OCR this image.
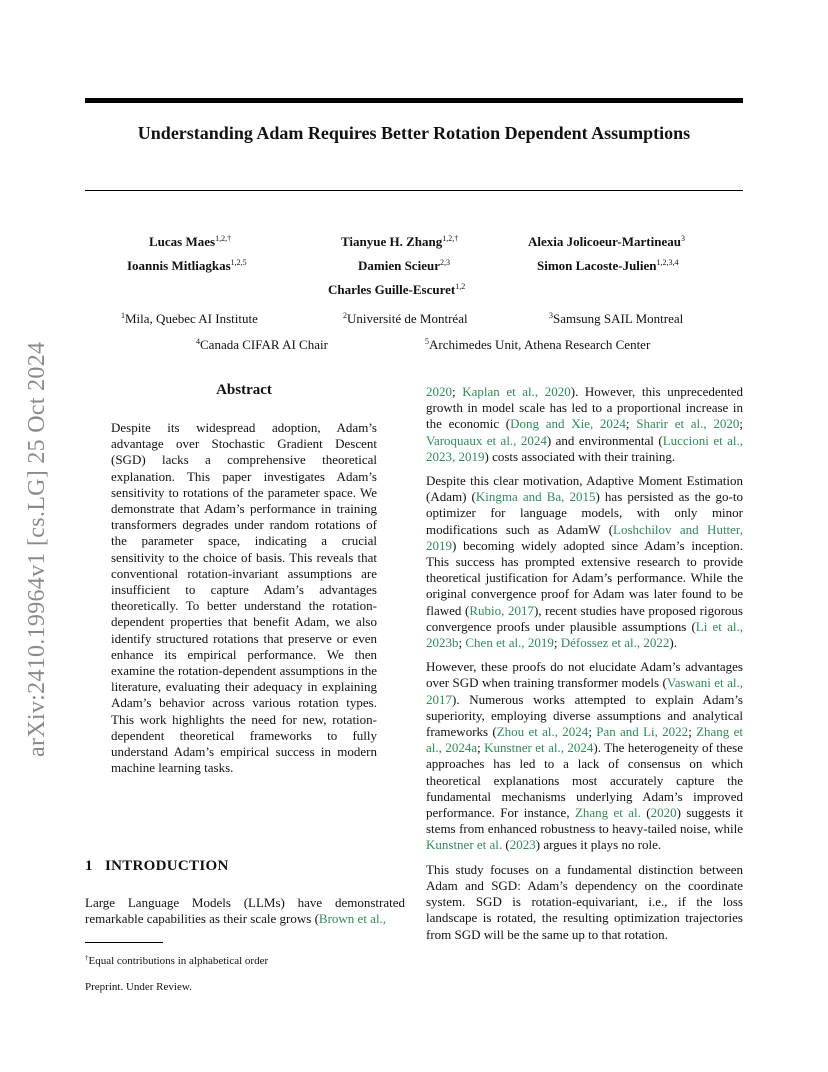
arXiv:2410.19964v1 [cs.LG] 25 Oct 2024
Understanding Adam Requires Better Rotation Dependent Assumptions
Lucas Maes$^{1,2,\dagger}$	Tianyue H. Zhang$^{1,2,\dagger}$	Alexia Jolicoeur-Martineau$^3$
Ioannis Mitliagkas$^{1,2,5}$	Damien Scieur$^{2,3}$	Simon Lacoste-Julien$^{1,2,3,4}$
Charles Guille-Escuret$^{1,2}$
$^1$Mila, Quebec AI Institute	$^2$Université de Montréal	$^3$Samsung SAIL Montreal
$^4$Canada CIFAR AI Chair	$^5$Archimedes Unit, Athena Research Center
Abstract
Despite its widespread adoption, Adam’s advantage over Stochastic Gradient Descent (SGD) lacks a comprehensive theoretical explanation. This paper investigates Adam’s sensitivity to rotations of the parameter space. We demonstrate that Adam’s performance in training transformers degrades under random rotations of the parameter space, indicating a crucial sensitivity to the choice of basis. This reveals that conventional rotation-invariant assumptions are insufficient to capture Adam’s advantages theoretically. To better understand the rotation-dependent properties that benefit Adam, we also identify structured rotations that preserve or even enhance its empirical performance. We then examine the rotation-dependent assumptions in the literature, evaluating their adequacy in explaining Adam’s behavior across various rotation types. This work highlights the need for new, rotation-dependent theoretical frameworks to fully understand Adam’s empirical success in modern machine learning tasks.
1 INTRODUCTION

Large Language Models (LLMs) have demonstrated remarkable capabilities as their scale grows (Brown et al.,

†Equal contributions in alphabetical order
Preprint. Under Review.

2020; Kaplan et al., 2020). However, this unprecedented growth in model scale has led to a proportional increase in the economic (Dong and Xie, 2024; Sharir et al., 2020; Varoquaux et al., 2024) and environmental (Luccioni et al., 2023, 2019) costs associated with their training.

Despite this clear motivation, Adaptive Moment Estimation (Adam) (Kingma and Ba, 2015) has persisted as the go-to optimizer for language models, with only minor modifications such as AdamW (Loshchilov and Hutter, 2019) becoming widely adopted since Adam’s inception. This success has prompted extensive research to provide theoretical justification for Adam’s performance. While the original convergence proof for Adam was later found to be flawed (Rubio, 2017), recent studies have proposed rigorous convergence proofs under plausible assumptions (Li et al., 2023b; Chen et al., 2019; Défossez et al., 2022).

However, these proofs do not elucidate Adam’s advantages over SGD when training transformer models (Vaswani et al., 2017). Numerous works attempted to explain Adam’s superiority, employing diverse assumptions and analytical frameworks (Zhou et al., 2024; Pan and Li, 2022; Zhang et al., 2024a; Kunstner et al., 2024). The heterogeneity of these approaches has led to a lack of consensus on which theoretical explanations most accurately capture the fundamental mechanisms underlying Adam’s improved performance. For instance, Zhang et al. (2020) suggests it stems from enhanced robustness to heavy-tailed noise, while Kunstner et al. (2023) argues it plays no role.

This study focuses on a fundamental distinction between Adam and SGD: Adam’s dependency on the coordinate system. SGD is rotation-equivariant, i.e., if the loss landscape is rotated, the resulting optimization trajectories from SGD will be the same up to that rotation.
